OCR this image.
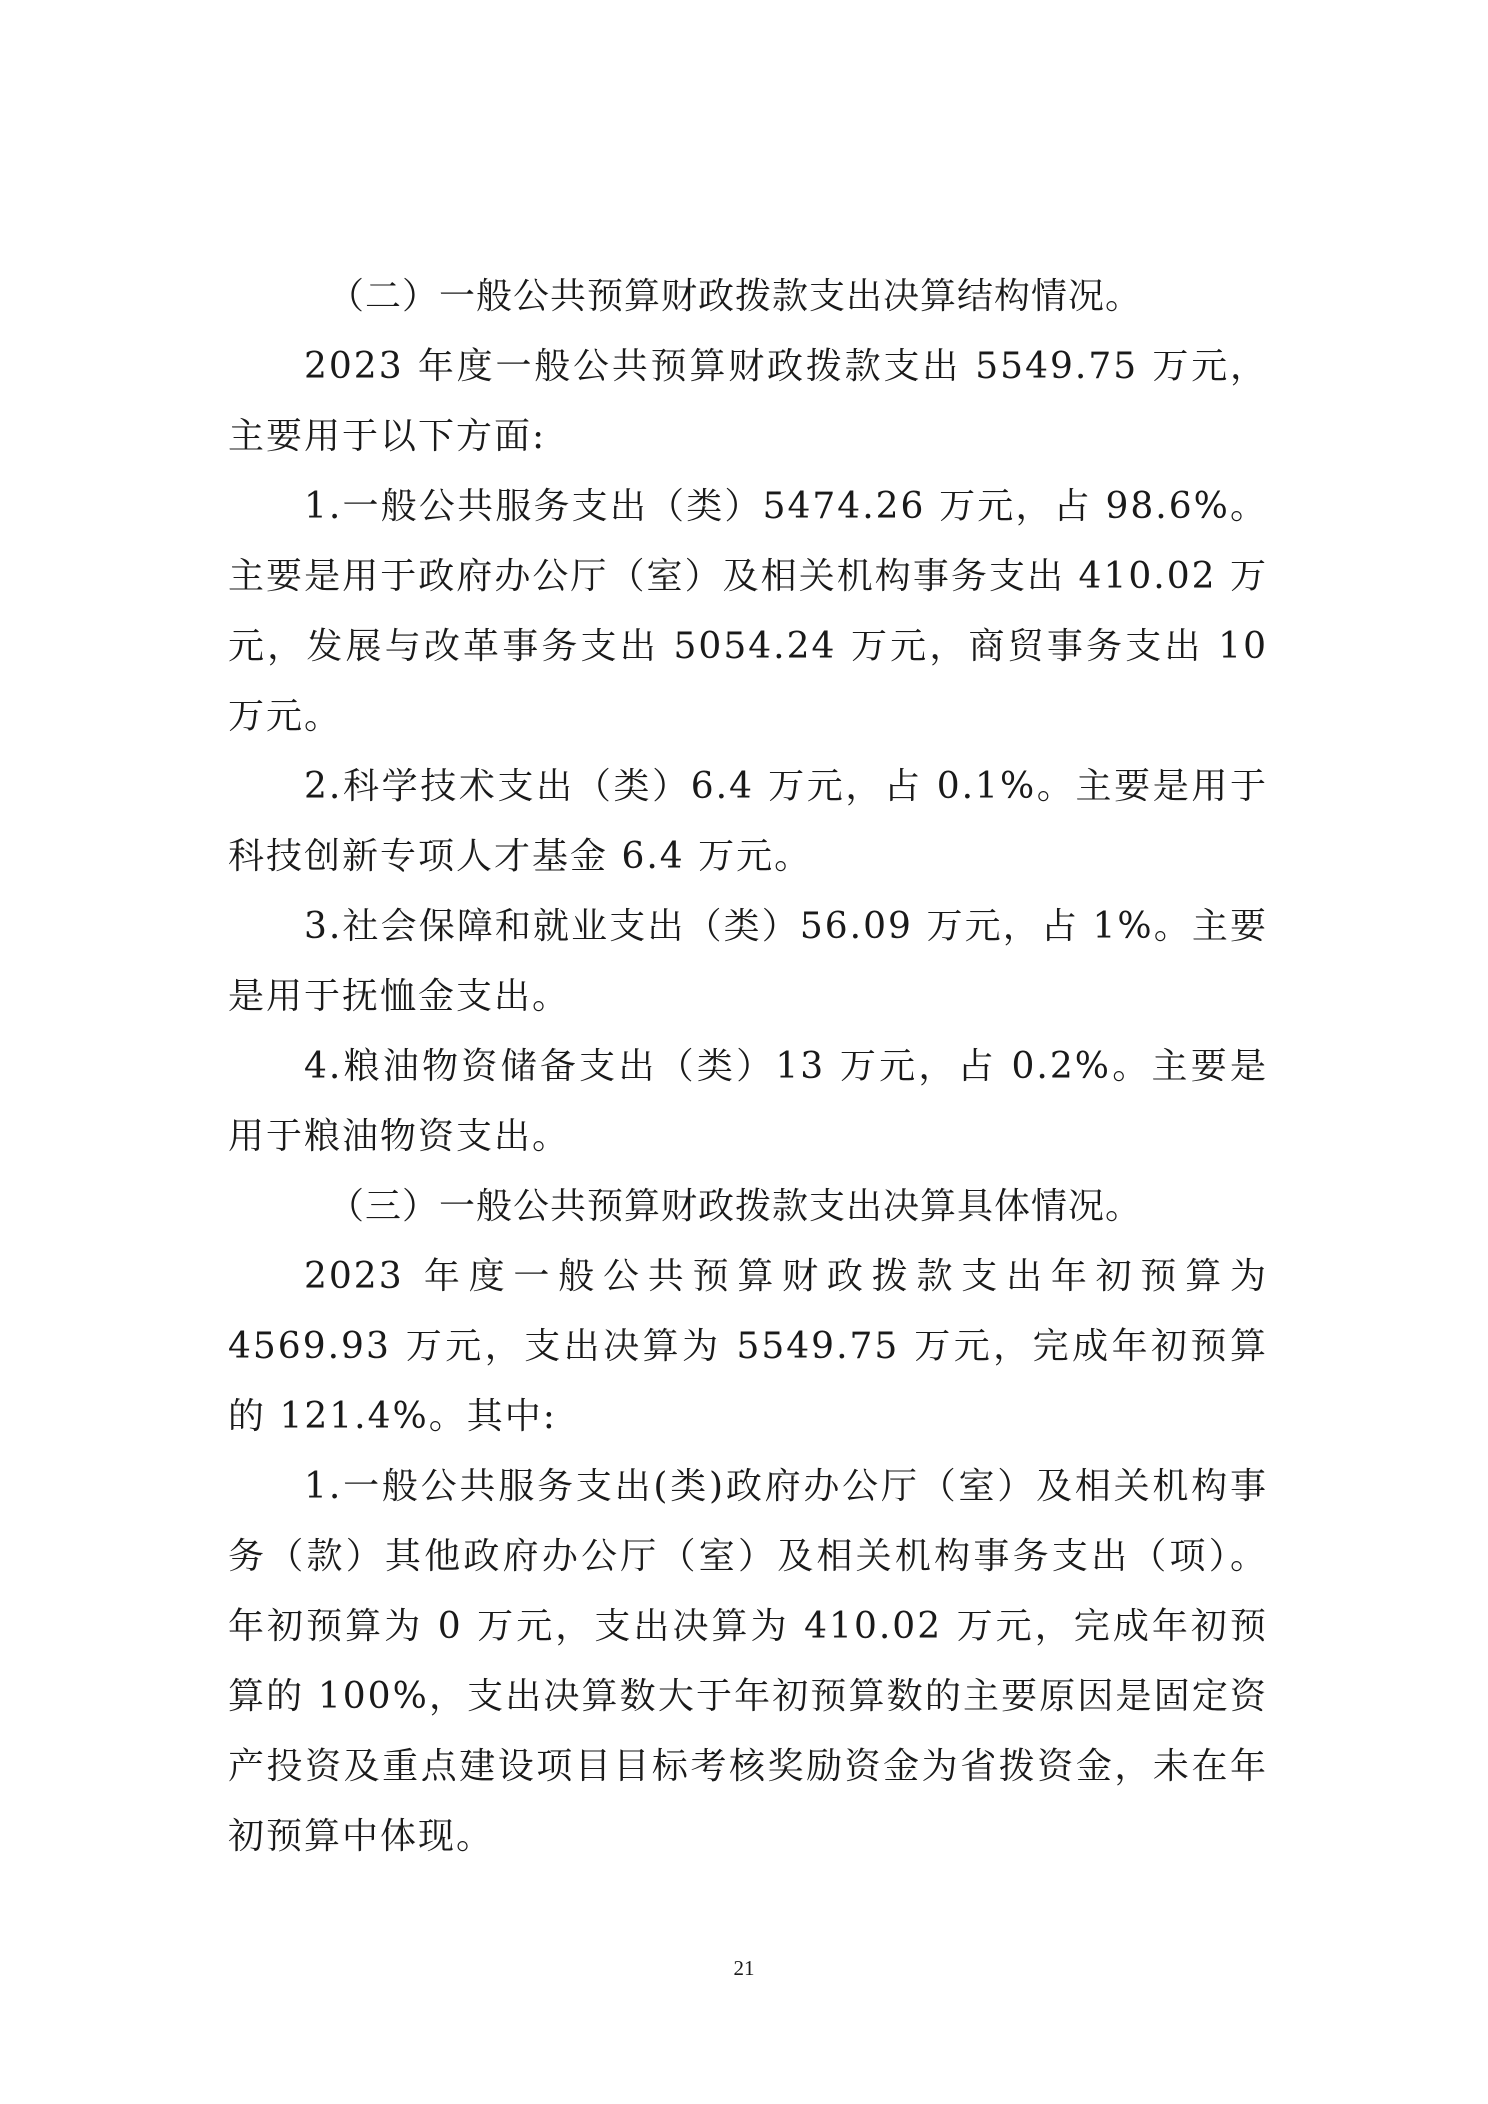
（二）一般公共预算财政拨款支出决算结构情况。

2023 年度一般公共预算财政拨款支出 5549.75 万元，主要用于以下方面:

1.一般公共服务支出（类）5474.26 万元，占 98.6%。主要是用于政府办公厅（室）及相关机构事务支出 410.02 万元，发展与改革事务支出 5054.24 万元，商贸事务支出 10 万元。

2.科学技术支出（类）6.4 万元，占 0.1%。主要是用于科技创新专项人才基金 6.4 万元。

3.社会保障和就业支出（类）56.09 万元，占 1%。主要是用于抚恤金支出。

4.粮油物资储备支出（类）13 万元，占 0.2%。主要是用于粮油物资支出。

（三）一般公共预算财政拨款支出决算具体情况。

2023 年度一般公共预算财政拨款支出年初预算为 4569.93 万元，支出决算为 5549.75 万元，完成年初预算的 121.4%。其中:

1.一般公共服务支出(类)政府办公厅（室）及相关机构事务（款）其他政府办公厅（室）及相关机构事务支出（项）。年初预算为 0 万元，支出决算为 410.02 万元，完成年初预算的 100%，支出决算数大于年初预算数的主要原因是固定资产投资及重点建设项目目标考核奖励资金为省拨资金，未在年初预算中体现。

21
